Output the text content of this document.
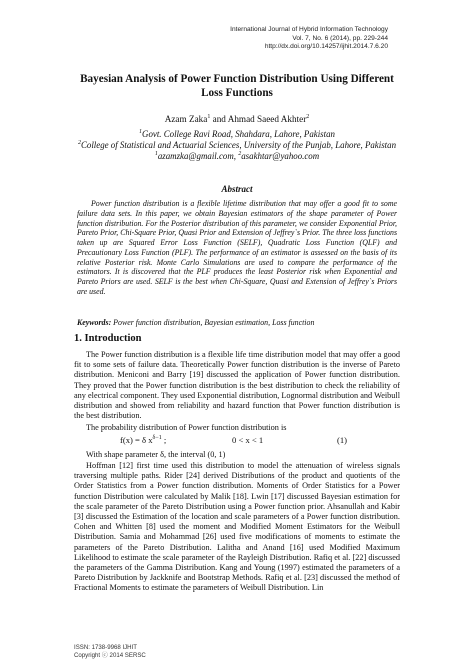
International Journal of Hybrid Information Technology
Vol. 7, No. 6 (2014), pp. 229-244
http://dx.doi.org/10.14257/ijhit.2014.7.6.20
Bayesian Analysis of Power Function Distribution Using Different
Loss Functions
Azam Zaka$^1$ and Ahmad Saeed Akhter$^2$
$^1$Govt. College Ravi Road, Shahdara, Lahore, Pakistan
$^2$College of Statistical and Actuarial Sciences, University of the Punjab, Lahore, Pakistan
$^1$azamzka@gmail.com, $^2$asakhtar@yahoo.com
Abstract
Power function distribution is a flexible lifetime distribution that may offer a good fit to some failure data sets. In this paper, we obtain Bayesian estimators of the shape parameter of Power function distribution. For the Posterior distribution of this parameter, we consider Exponential Prior, Pareto Prior, Chi-Square Prior, Quasi Prior and Extension of Jeffrey`s Prior. The three loss functions taken up are Squared Error Loss Function (SELF), Quadratic Loss Function (QLF) and Precautionary Loss Function (PLF). The performance of an estimator is assessed on the basis of its relative Posterior risk. Monte Carlo Simulations are used to compare the performance of the estimators. It is discovered that the PLF produces the least Posterior risk when Exponential and Pareto Priors are used. SELF is the best when Chi-Square, Quasi and Extension of Jeffrey`s Priors are used.
Keywords: Power function distribution, Bayesian estimation, Loss function
1. Introduction
The Power function distribution is a flexible life time distribution model that may offer a good fit to some sets of failure data. Theoretically Power function distribution is the inverse of Pareto distribution. Meniconi and Barry [19] discussed the application of Power function distribution. They proved that the Power function distribution is the best distribution to check the reliability of any electrical component. They used Exponential distribution, Lognormal distribution and Weibull distribution and showed from reliability and hazard function that Power function distribution is the best distribution.
The probability distribution of Power function distribution is
f(x) = δ $x^{\delta-1}$ ;	0 < x < 1	(1)
With shape parameter δ, the interval (0, 1)
Hoffman [12] first time used this distribution to model the attenuation of wireless signals traversing multiple paths. Rider [24] derived Distributions of the product and quotients of the Order Statistics from a Power function distribution. Moments of Order Statistics for a Power function Distribution were calculated by Malik [18]. Lwin [17] discussed Bayesian estimation for the scale parameter of the Pareto Distribution using a Power function prior. Ahsanullah and Kabir [3] discussed the Estimation of the location and scale parameters of a Power function distribution. Cohen and Whitten [8] used the moment and Modified Moment Estimators for the Weibull Distribution. Samia and Mohammad [26] used five modifications of moments to estimate the parameters of the Pareto Distribution. Lalitha and Anand [16] used Modified Maximum Likelihood to estimate the scale parameter of the Rayleigh Distribution. Rafiq et al. [22] discussed the parameters of the Gamma Distribution. Kang and Young (1997) estimated the parameters of a Pareto Distribution by Jackknife and Bootstrap Methods. Rafiq et al. [23] discussed the method of Fractional Moments to estimate the parameters of Weibull Distribution. Lin
ISSN: 1738-9968 IJHIT
Copyright ⓒ 2014 SERSC
